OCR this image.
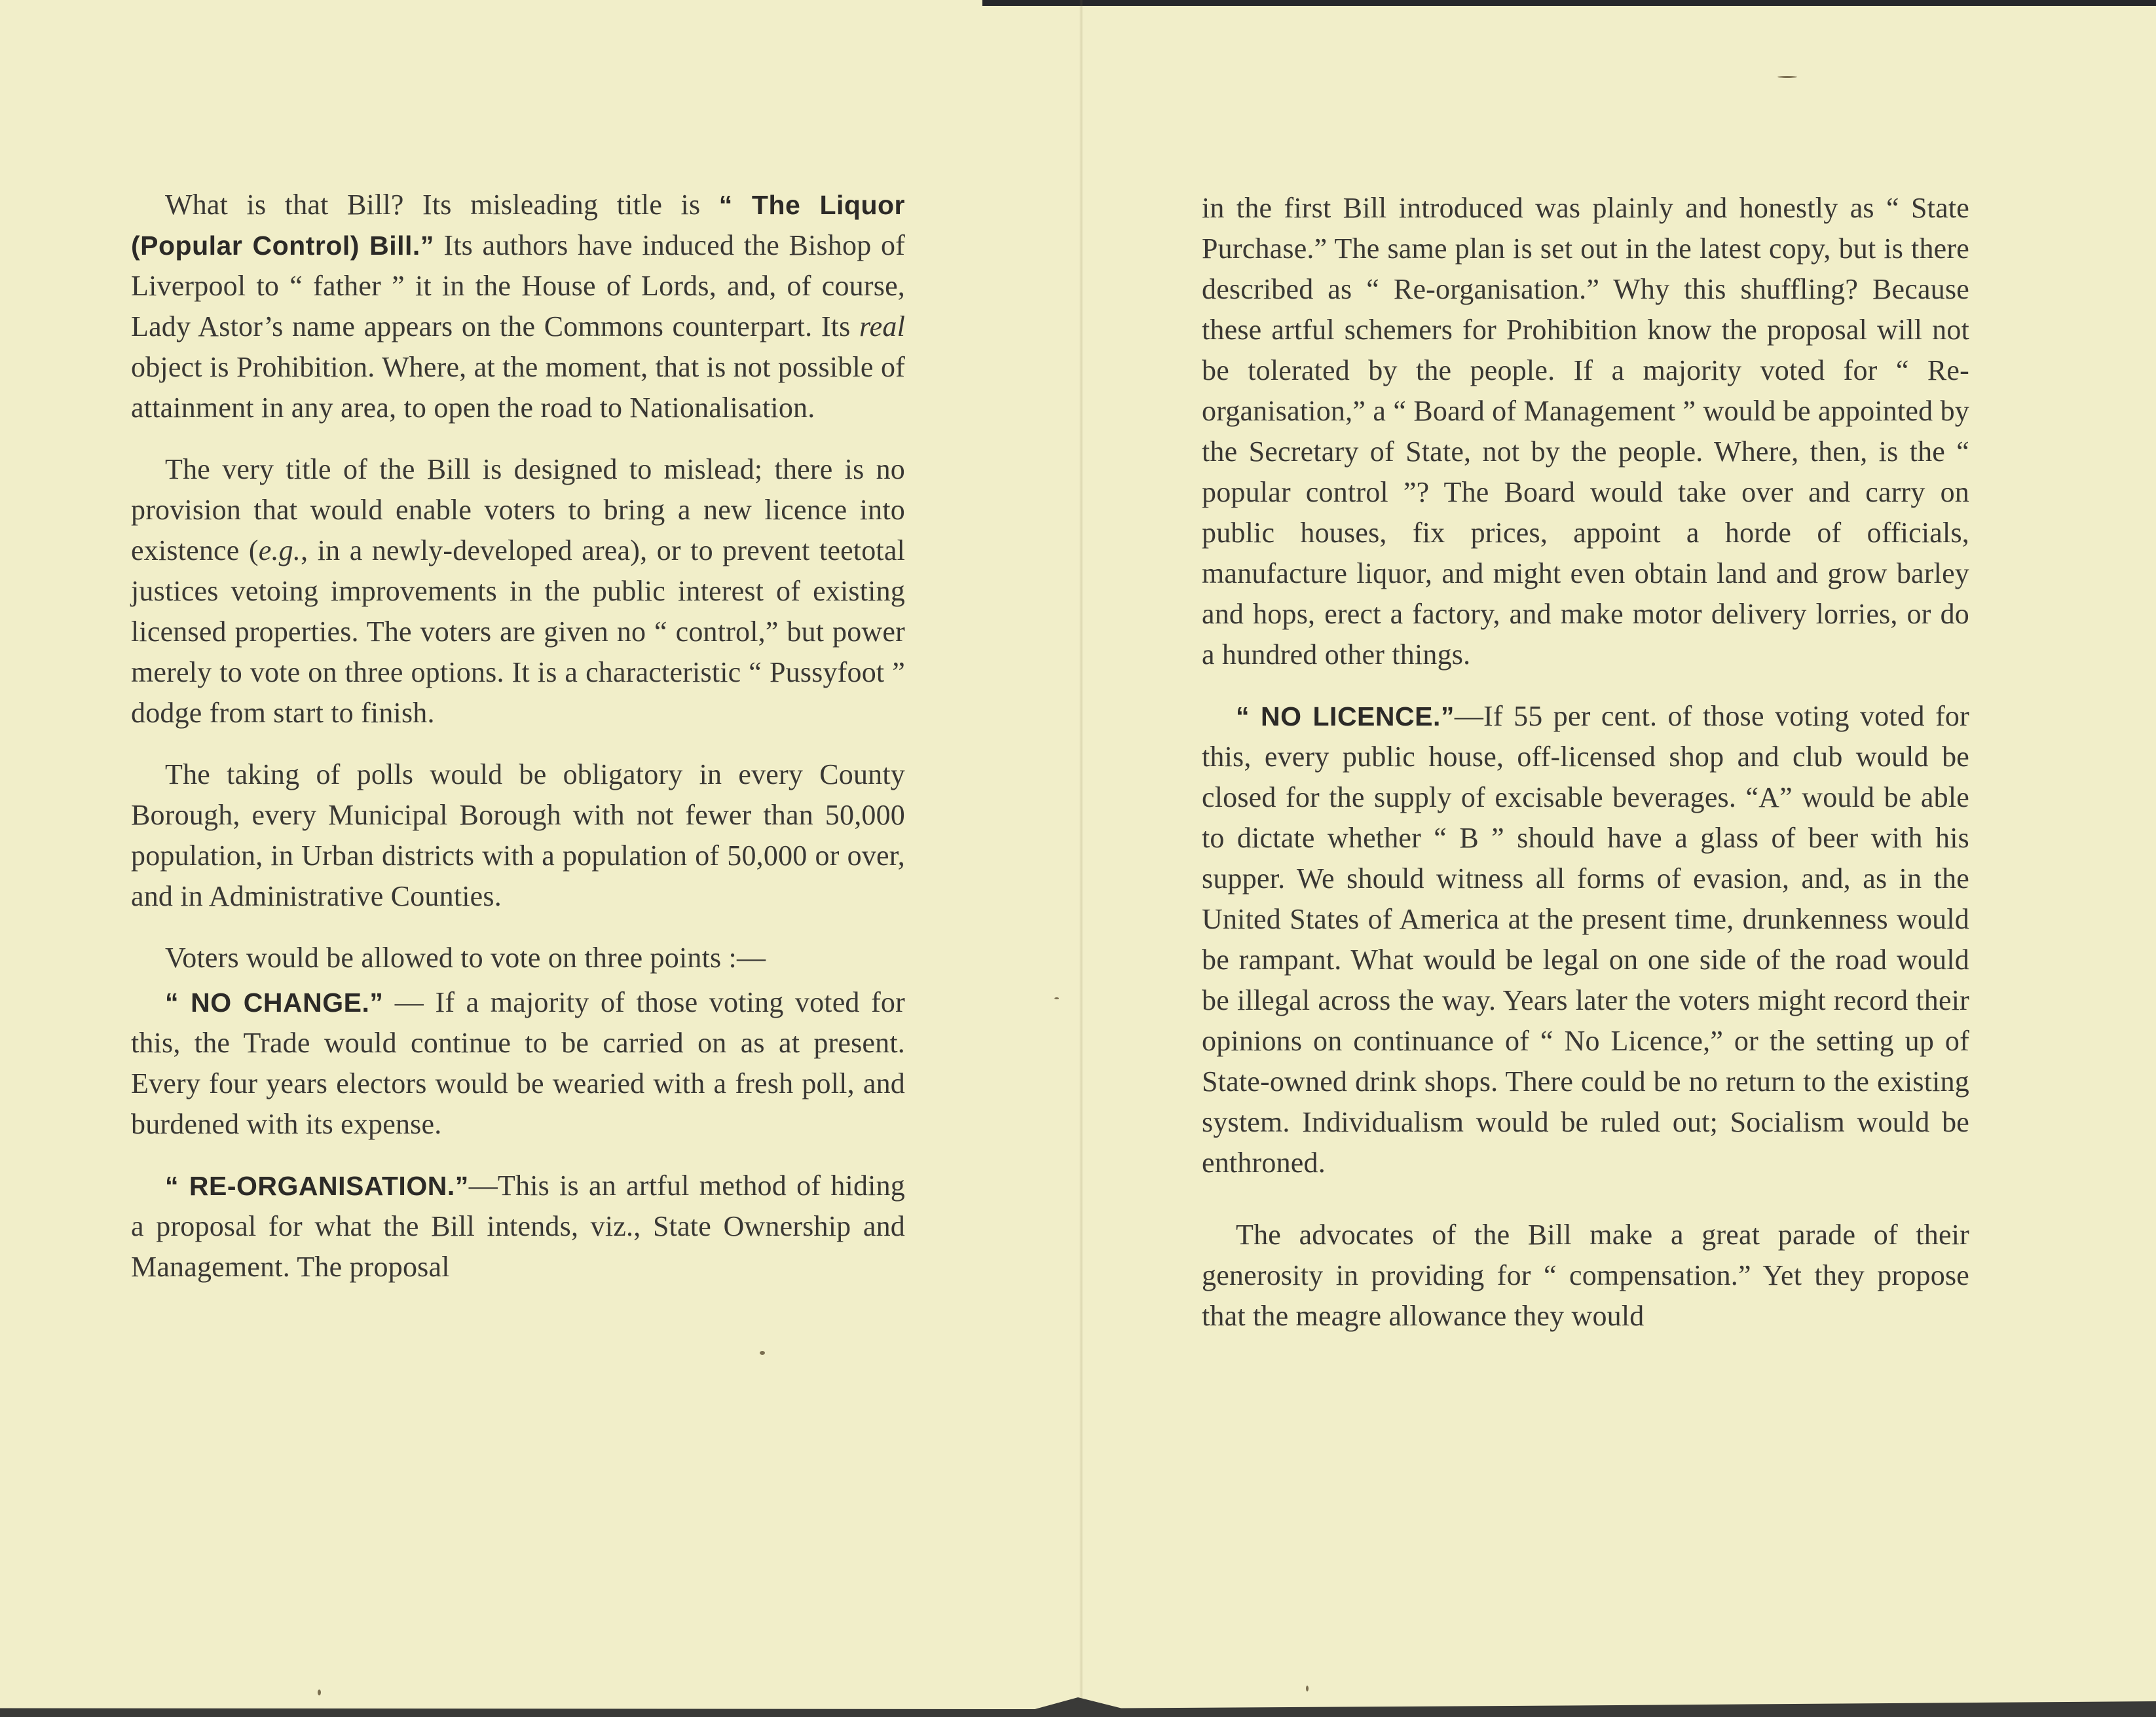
What is that Bill? Its misleading title is “ The Liquor (Popular Control) Bill.” Its authors have induced the Bishop of Liverpool to “ father ” it in the House of Lords, and, of course, Lady Astor’s name appears on the Commons counterpart. Its real object is Prohibition. Where, at the moment, that is not possible of attainment in any area, to open the road to Nationalisation.

The very title of the Bill is designed to mislead; there is no provision that would enable voters to bring a new licence into existence (e.g., in a newly-developed area), or to prevent teetotal justices vetoing improvements in the public interest of existing licensed properties. The voters are given no “ control,” but power merely to vote on three options. It is a characteristic “ Pussyfoot ” dodge from start to finish.

The taking of polls would be obligatory in every County Borough, every Municipal Borough with not fewer than 50,000 population, in Urban districts with a population of 50,000 or over, and in Administrative Counties.

Voters would be allowed to vote on three points :—

“ NO CHANGE.” — If a majority of those voting voted for this, the Trade would continue to be carried on as at present. Every four years electors would be wearied with a fresh poll, and burdened with its expense.

“ RE-ORGANISATION.”—This is an artful method of hiding a proposal for what the Bill intends, viz., State Ownership and Management. The proposal

in the first Bill introduced was plainly and honestly as “ State Purchase.” The same plan is set out in the latest copy, but is there described as “ Re-organisation.” Why this shuffling? Because these artful schemers for Prohibition know the proposal will not be tolerated by the people. If a majority voted for “ Re-organisation,” a “ Board of Management ” would be appointed by the Secretary of State, not by the people. Where, then, is the “ popular control ”? The Board would take over and carry on public houses, fix prices, appoint a horde of officials, manufacture liquor, and might even obtain land and grow barley and hops, erect a factory, and make motor delivery lorries, or do a hundred other things.

“ NO LICENCE.”—If 55 per cent. of those voting voted for this, every public house, off-licensed shop and club would be closed for the supply of excisable beverages. “A” would be able to dictate whether “ B ” should have a glass of beer with his supper. We should witness all forms of evasion, and, as in the United States of America at the present time, drunkenness would be rampant. What would be legal on one side of the road would be illegal across the way. Years later the voters might record their opinions on continuance of “ No Licence,” or the setting up of State-owned drink shops. There could be no return to the existing system. Individualism would be ruled out; Socialism would be enthroned.

The advocates of the Bill make a great parade of their generosity in providing for “ compensation.” Yet they propose that the meagre allowance they would
